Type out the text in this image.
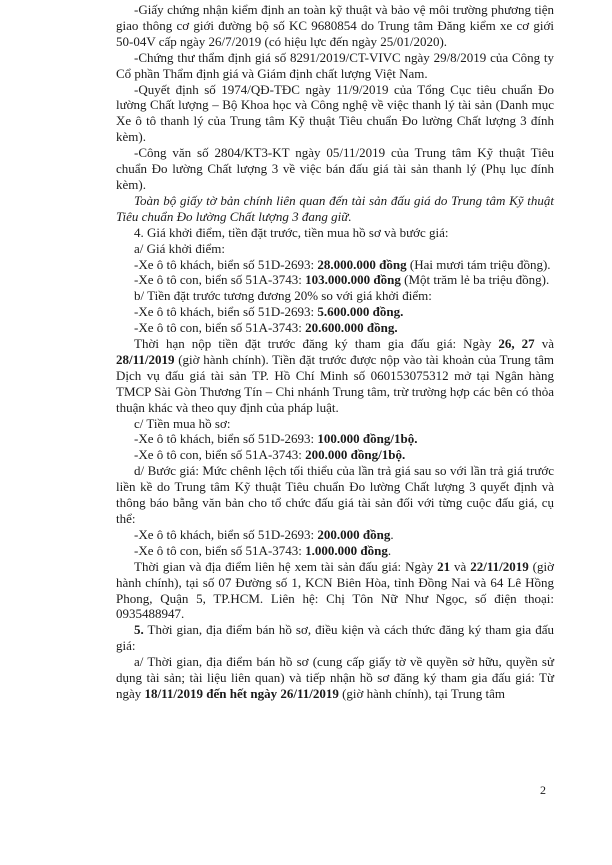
-Giấy chứng nhận kiểm định an toàn kỹ thuật và bảo vệ môi trường phương tiện giao thông cơ giới đường bộ số KC 9680854 do Trung tâm Đăng kiểm xe cơ giới 50-04V cấp ngày 26/7/2019 (có hiệu lực đến ngày 25/01/2020).

-Chứng thư thẩm định giá số 8291/2019/CT-VIVC ngày 29/8/2019 của Công ty Cổ phần Thẩm định giá và Giám định chất lượng Việt Nam.

-Quyết định số 1974/QĐ-TĐC ngày 11/9/2019 của Tổng Cục tiêu chuẩn Đo lường Chất lượng – Bộ Khoa học và Công nghệ về việc thanh lý tài sản (Danh mục Xe ô tô thanh lý của Trung tâm Kỹ thuật Tiêu chuẩn Đo lường Chất lượng 3 đính kèm).

-Công văn số 2804/KT3-KT ngày 05/11/2019 của Trung tâm Kỹ thuật Tiêu chuẩn Đo lường Chất lượng 3 về việc bán đấu giá tài sản thanh lý (Phụ lục đính kèm).

Toàn bộ giấy tờ bản chính liên quan đến tài sản đấu giá do Trung tâm Kỹ thuật Tiêu chuẩn Đo lường Chất lượng 3 đang giữ.

4. Giá khởi điểm, tiền đặt trước, tiền mua hồ sơ và bước giá:

a/ Giá khởi điểm:

-Xe ô tô khách, biển số 51D-2693: 28.000.000 đồng (Hai mươi tám triệu đồng).

-Xe ô tô con, biển số 51A-3743: 103.000.000 đồng (Một trăm lẻ ba triệu đồng).

b/ Tiền đặt trước tương đương 20% so với giá khởi điểm:

-Xe ô tô khách, biển số 51D-2693: 5.600.000 đồng.

-Xe ô tô con, biển số 51A-3743: 20.600.000 đồng.

Thời hạn nộp tiền đặt trước đăng ký tham gia đấu giá: Ngày 26, 27 và 28/11/2019 (giờ hành chính). Tiền đặt trước được nộp vào tài khoản của Trung tâm Dịch vụ đấu giá tài sản TP. Hồ Chí Minh số 060153075312 mở tại Ngân hàng TMCP Sài Gòn Thương Tín – Chi nhánh Trung tâm, trừ trường hợp các bên có thỏa thuận khác và theo quy định của pháp luật.

c/ Tiền mua hồ sơ:

-Xe ô tô khách, biển số 51D-2693: 100.000 đồng/1bộ.

-Xe ô tô con, biển số 51A-3743: 200.000 đồng/1bộ.

d/ Bước giá: Mức chênh lệch tối thiểu của lần trả giá sau so với lần trả giá trước liền kề do Trung tâm Kỹ thuật Tiêu chuẩn Đo lường Chất lượng 3 quyết định và thông báo bằng văn bản cho tổ chức đấu giá tài sản đối với từng cuộc đấu giá, cụ thể:

-Xe ô tô khách, biển số 51D-2693: 200.000 đồng.

-Xe ô tô con, biển số 51A-3743: 1.000.000 đồng.

Thời gian và địa điểm liên hệ xem tài sản đấu giá: Ngày 21 và 22/11/2019 (giờ hành chính), tại số 07 Đường số 1, KCN Biên Hòa, tỉnh Đồng Nai và 64 Lê Hồng Phong, Quận 5, TP.HCM. Liên hệ: Chị Tôn Nữ Như Ngọc, số điện thoại: 0935488947.

5. Thời gian, địa điểm bán hồ sơ, điều kiện và cách thức đăng ký tham gia đấu giá:

a/ Thời gian, địa điểm bán hồ sơ (cung cấp giấy tờ về quyền sở hữu, quyền sử dụng tài sản; tài liệu liên quan) và tiếp nhận hồ sơ đăng ký tham gia đấu giá: Từ ngày 18/11/2019 đến hết ngày 26/11/2019 (giờ hành chính), tại Trung tâm

2
